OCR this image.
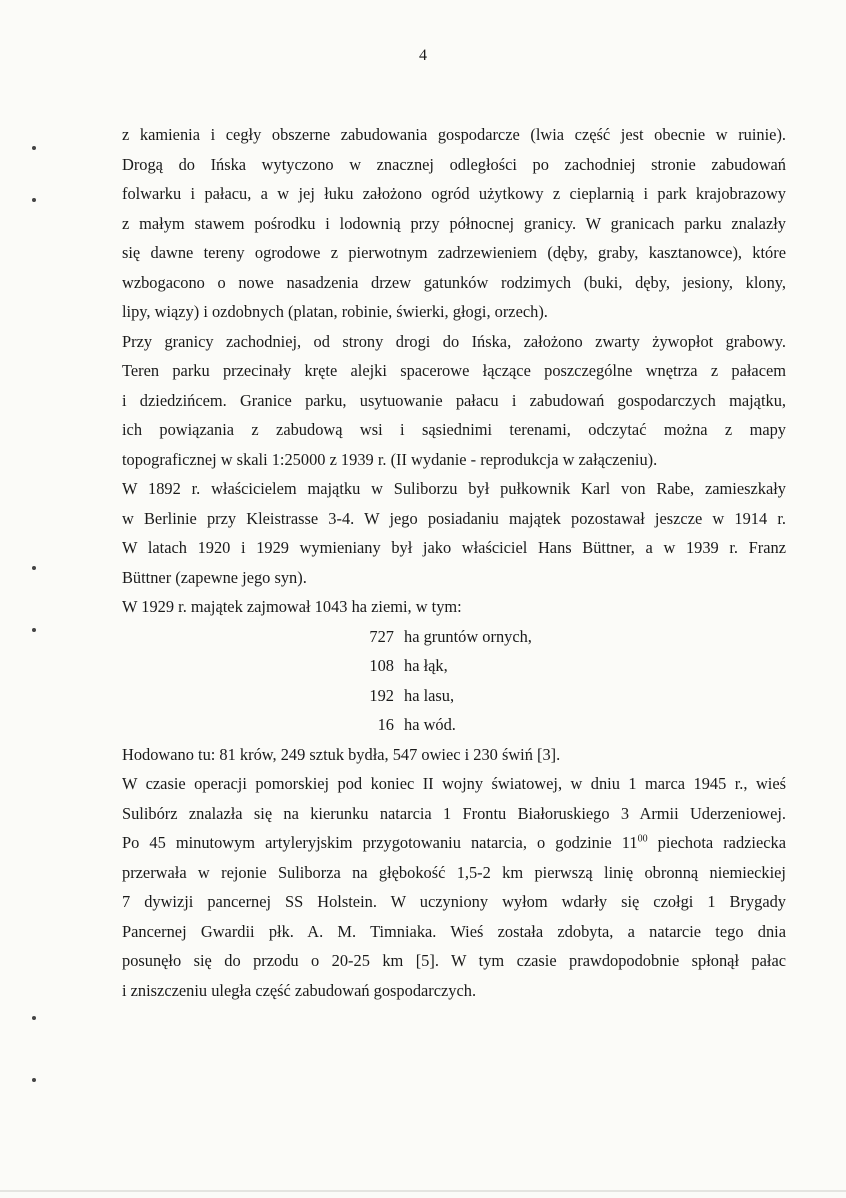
4

z kamienia i cegły obszerne zabudowania gospodarcze (lwia część jest obecnie w ruinie).

Drogą do Ińska wytyczono w znacznej odległości po zachodniej stronie zabudowań

folwarku i pałacu, a w jej łuku założono ogród użytkowy z cieplarnią i park krajobrazowy

z małym stawem pośrodku i lodownią przy północnej granicy. W granicach parku znalazły

się dawne tereny ogrodowe z pierwotnym zadrzewieniem (dęby, graby, kasztanowce), które

wzbogacono o nowe nasadzenia drzew gatunków rodzimych (buki, dęby, jesiony, klony,

lipy, wiązy) i ozdobnych (platan, robinie, świerki, głogi, orzech).

Przy granicy zachodniej, od strony drogi do Ińska, założono zwarty żywopłot grabowy.

Teren parku przecinały kręte alejki spacerowe łączące poszczególne wnętrza z pałacem

i dziedzińcem. Granice parku, usytuowanie pałacu i zabudowań gospodarczych majątku,

ich powiązania z zabudową wsi i sąsiednimi terenami, odczytać można z mapy

topograficznej w skali 1:25000 z 1939 r. (II wydanie - reprodukcja w załączeniu).

W 1892 r. właścicielem majątku w Suliborzu był pułkownik Karl von Rabe, zamieszkały

w Berlinie przy Kleistrasse 3-4. W jego posiadaniu majątek pozostawał jeszcze w 1914 r.

W latach 1920 i 1929 wymieniany był jako właściciel Hans Büttner, a w 1939 r. Franz

Büttner (zapewne jego syn).

W 1929 r. majątek zajmował 1043 ha ziemi, w tym:

727 ha gruntów ornych,
108 ha łąk,
192 ha lasu,
16 ha wód.

Hodowano tu: 81 krów, 249 sztuk bydła, 547 owiec i 230 świń [3].

W czasie operacji pomorskiej pod koniec II wojny światowej, w dniu 1 marca 1945 r., wieś

Sulibórz znalazła się na kierunku natarcia 1 Frontu Białoruskiego 3 Armii Uderzeniowej.

Po 45 minutowym artyleryjskim przygotowaniu natarcia, o godzinie $11^{00}$ piechota radziecka

przerwała w rejonie Suliborza na głębokość 1,5-2 km pierwszą linię obronną niemieckiej

7 dywizji pancernej SS Holstein. W uczyniony wyłom wdarły się czołgi 1 Brygady

Pancernej Gwardii płk. A. M. Timniaka. Wieś została zdobyta, a natarcie tego dnia

posunęło się do przodu o 20-25 km [5]. W tym czasie prawdopodobnie spłonął pałac

i zniszczeniu uległa część zabudowań gospodarczych.
